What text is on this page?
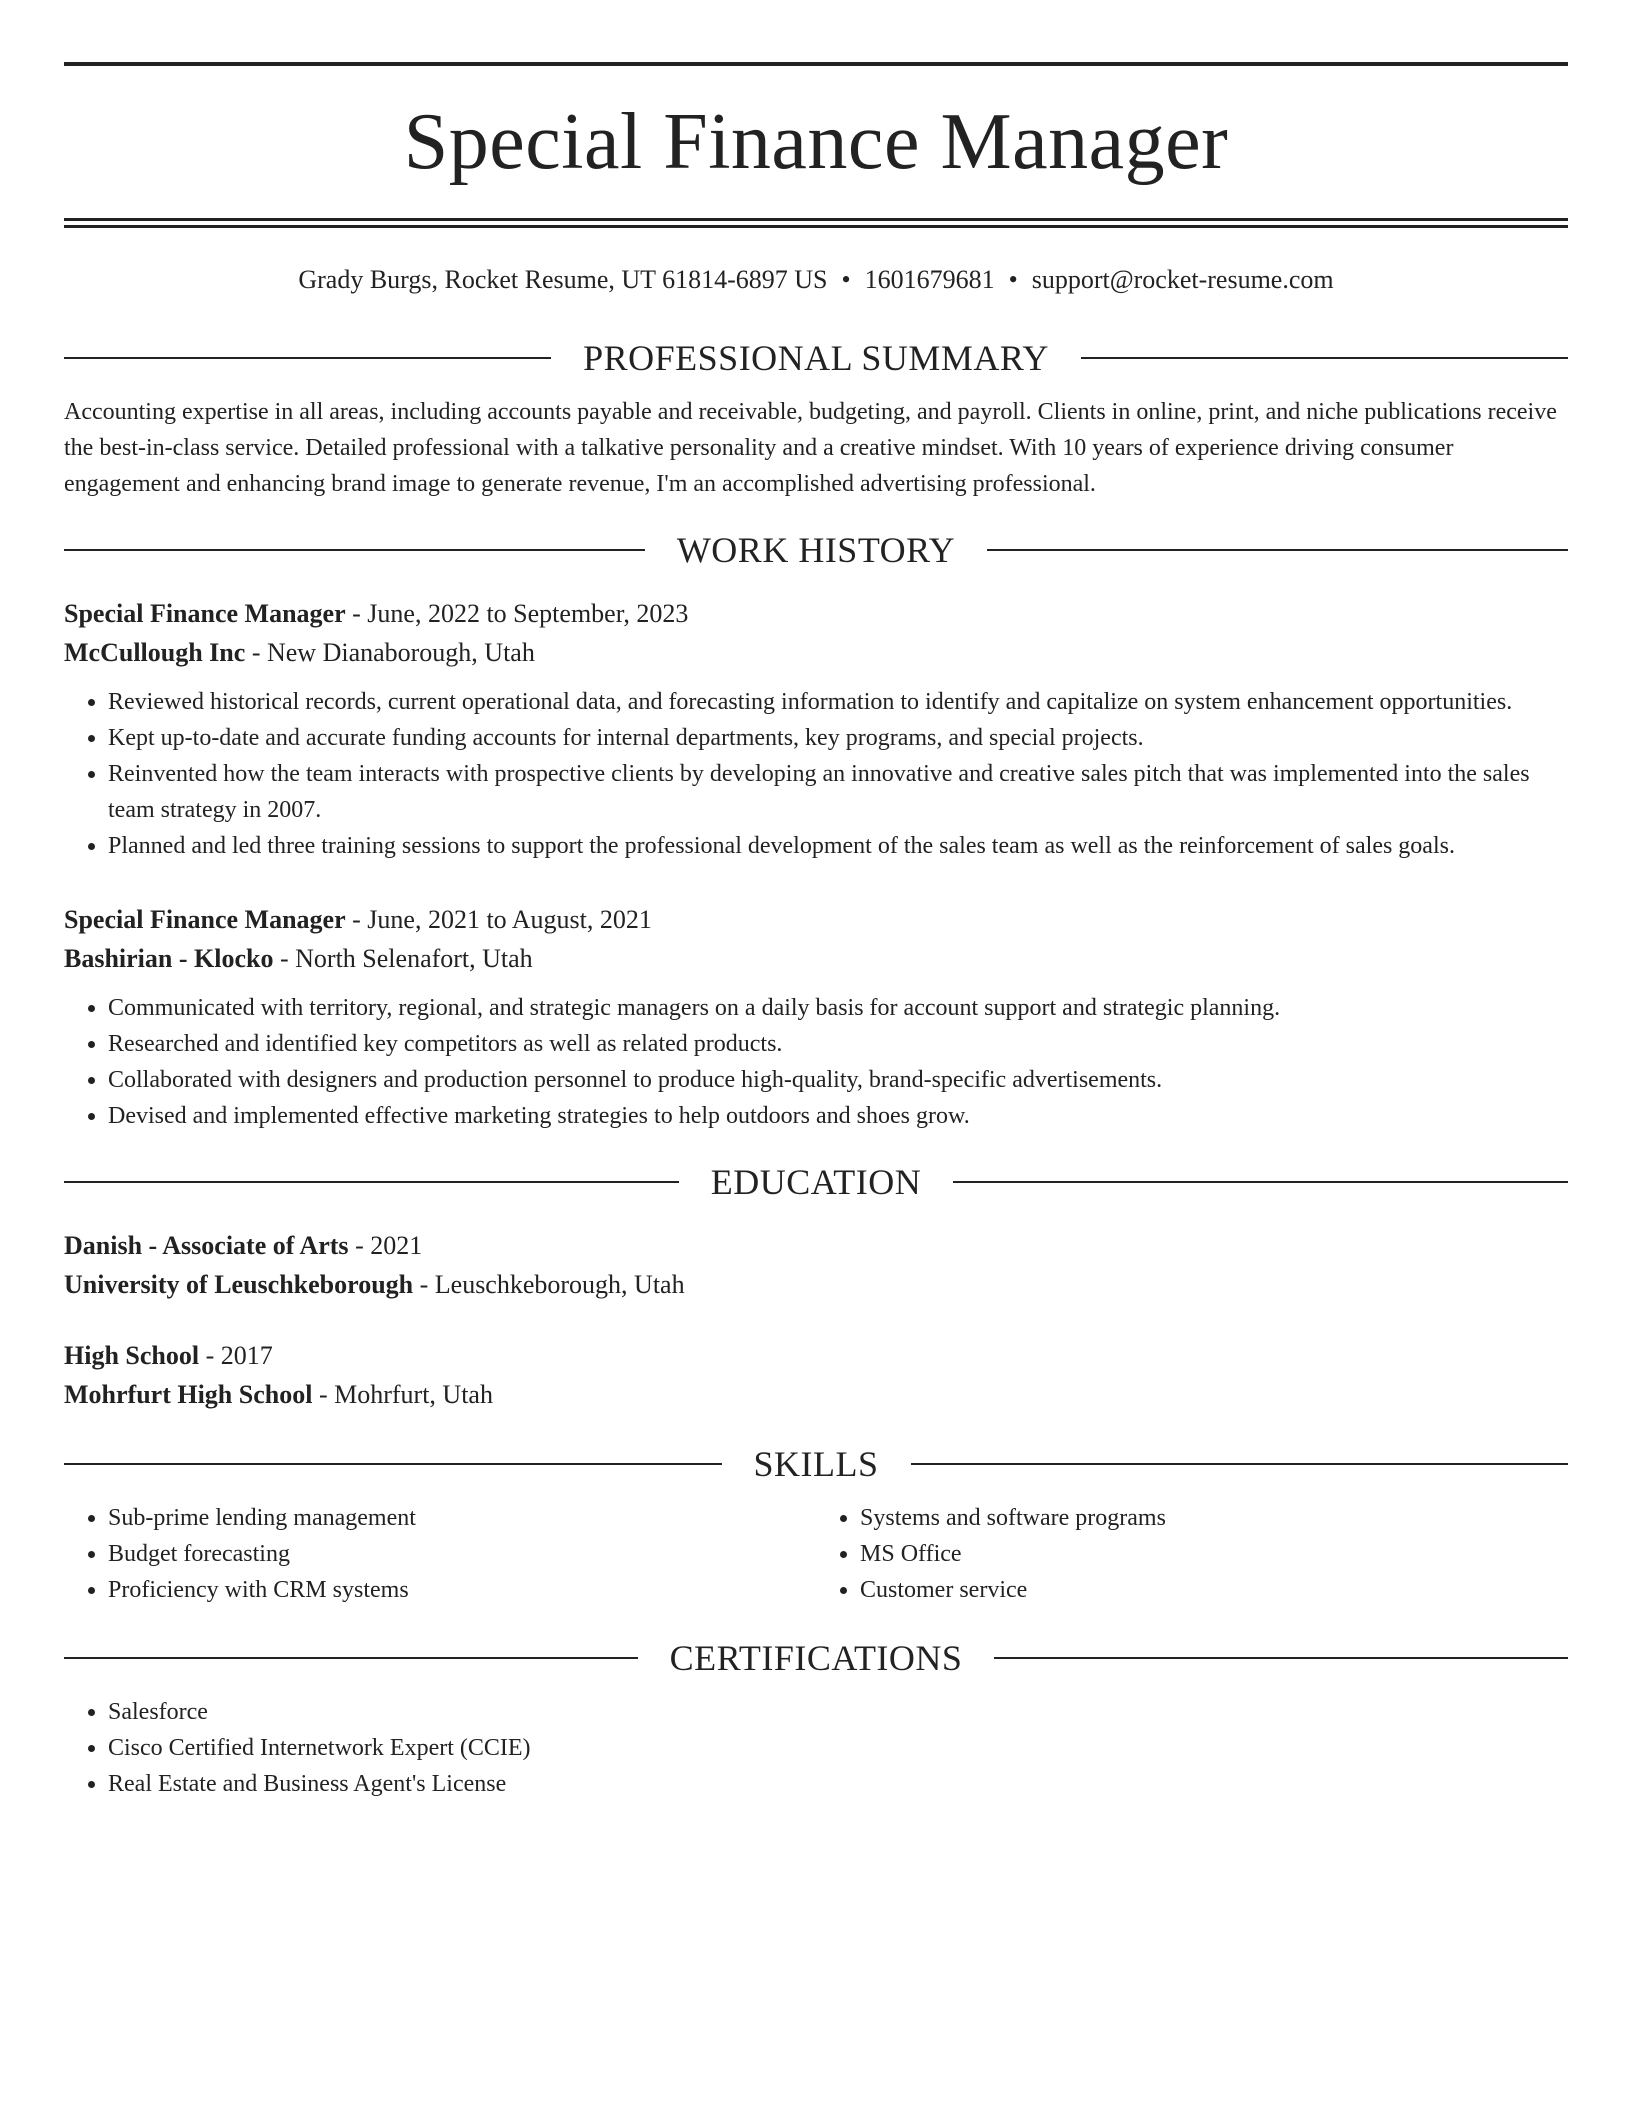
Special Finance Manager
Grady Burgs, Rocket Resume, UT 61814-6897 US • 1601679681 • support@rocket-resume.com
PROFESSIONAL SUMMARY

Accounting expertise in all areas, including accounts payable and receivable, budgeting, and payroll. Clients in online, print, and niche publications receive the best-in-class service. Detailed professional with a talkative personality and a creative mindset. With 10 years of experience driving consumer engagement and enhancing brand image to generate revenue, I'm an accomplished advertising professional.

WORK HISTORY
Special Finance Manager - June, 2022 to September, 2023
McCullough Inc - New Dianaborough, Utah
• Reviewed historical records, current operational data, and forecasting information to identify and capitalize on system enhancement opportunities.
• Kept up-to-date and accurate funding accounts for internal departments, key programs, and special projects.
• Reinvented how the team interacts with prospective clients by developing an innovative and creative sales pitch that was implemented into the sales team strategy in 2007.
• Planned and led three training sessions to support the professional development of the sales team as well as the reinforcement of sales goals.
Special Finance Manager - June, 2021 to August, 2021
Bashirian - Klocko - North Selenafort, Utah
• Communicated with territory, regional, and strategic managers on a daily basis for account support and strategic planning.
• Researched and identified key competitors as well as related products.
• Collaborated with designers and production personnel to produce high-quality, brand-specific advertisements.
• Devised and implemented effective marketing strategies to help outdoors and shoes grow.
EDUCATION
Danish - Associate of Arts - 2021
University of Leuschkeborough - Leuschkeborough, Utah
High School - 2017
Mohrfurt High School - Mohrfurt, Utah
SKILLS
• Sub-prime lending management
• Budget forecasting
• Proficiency with CRM systems
• Systems and software programs
• MS Office
• Customer service
CERTIFICATIONS
• Salesforce
• Cisco Certified Internetwork Expert (CCIE)
• Real Estate and Business Agent's License
